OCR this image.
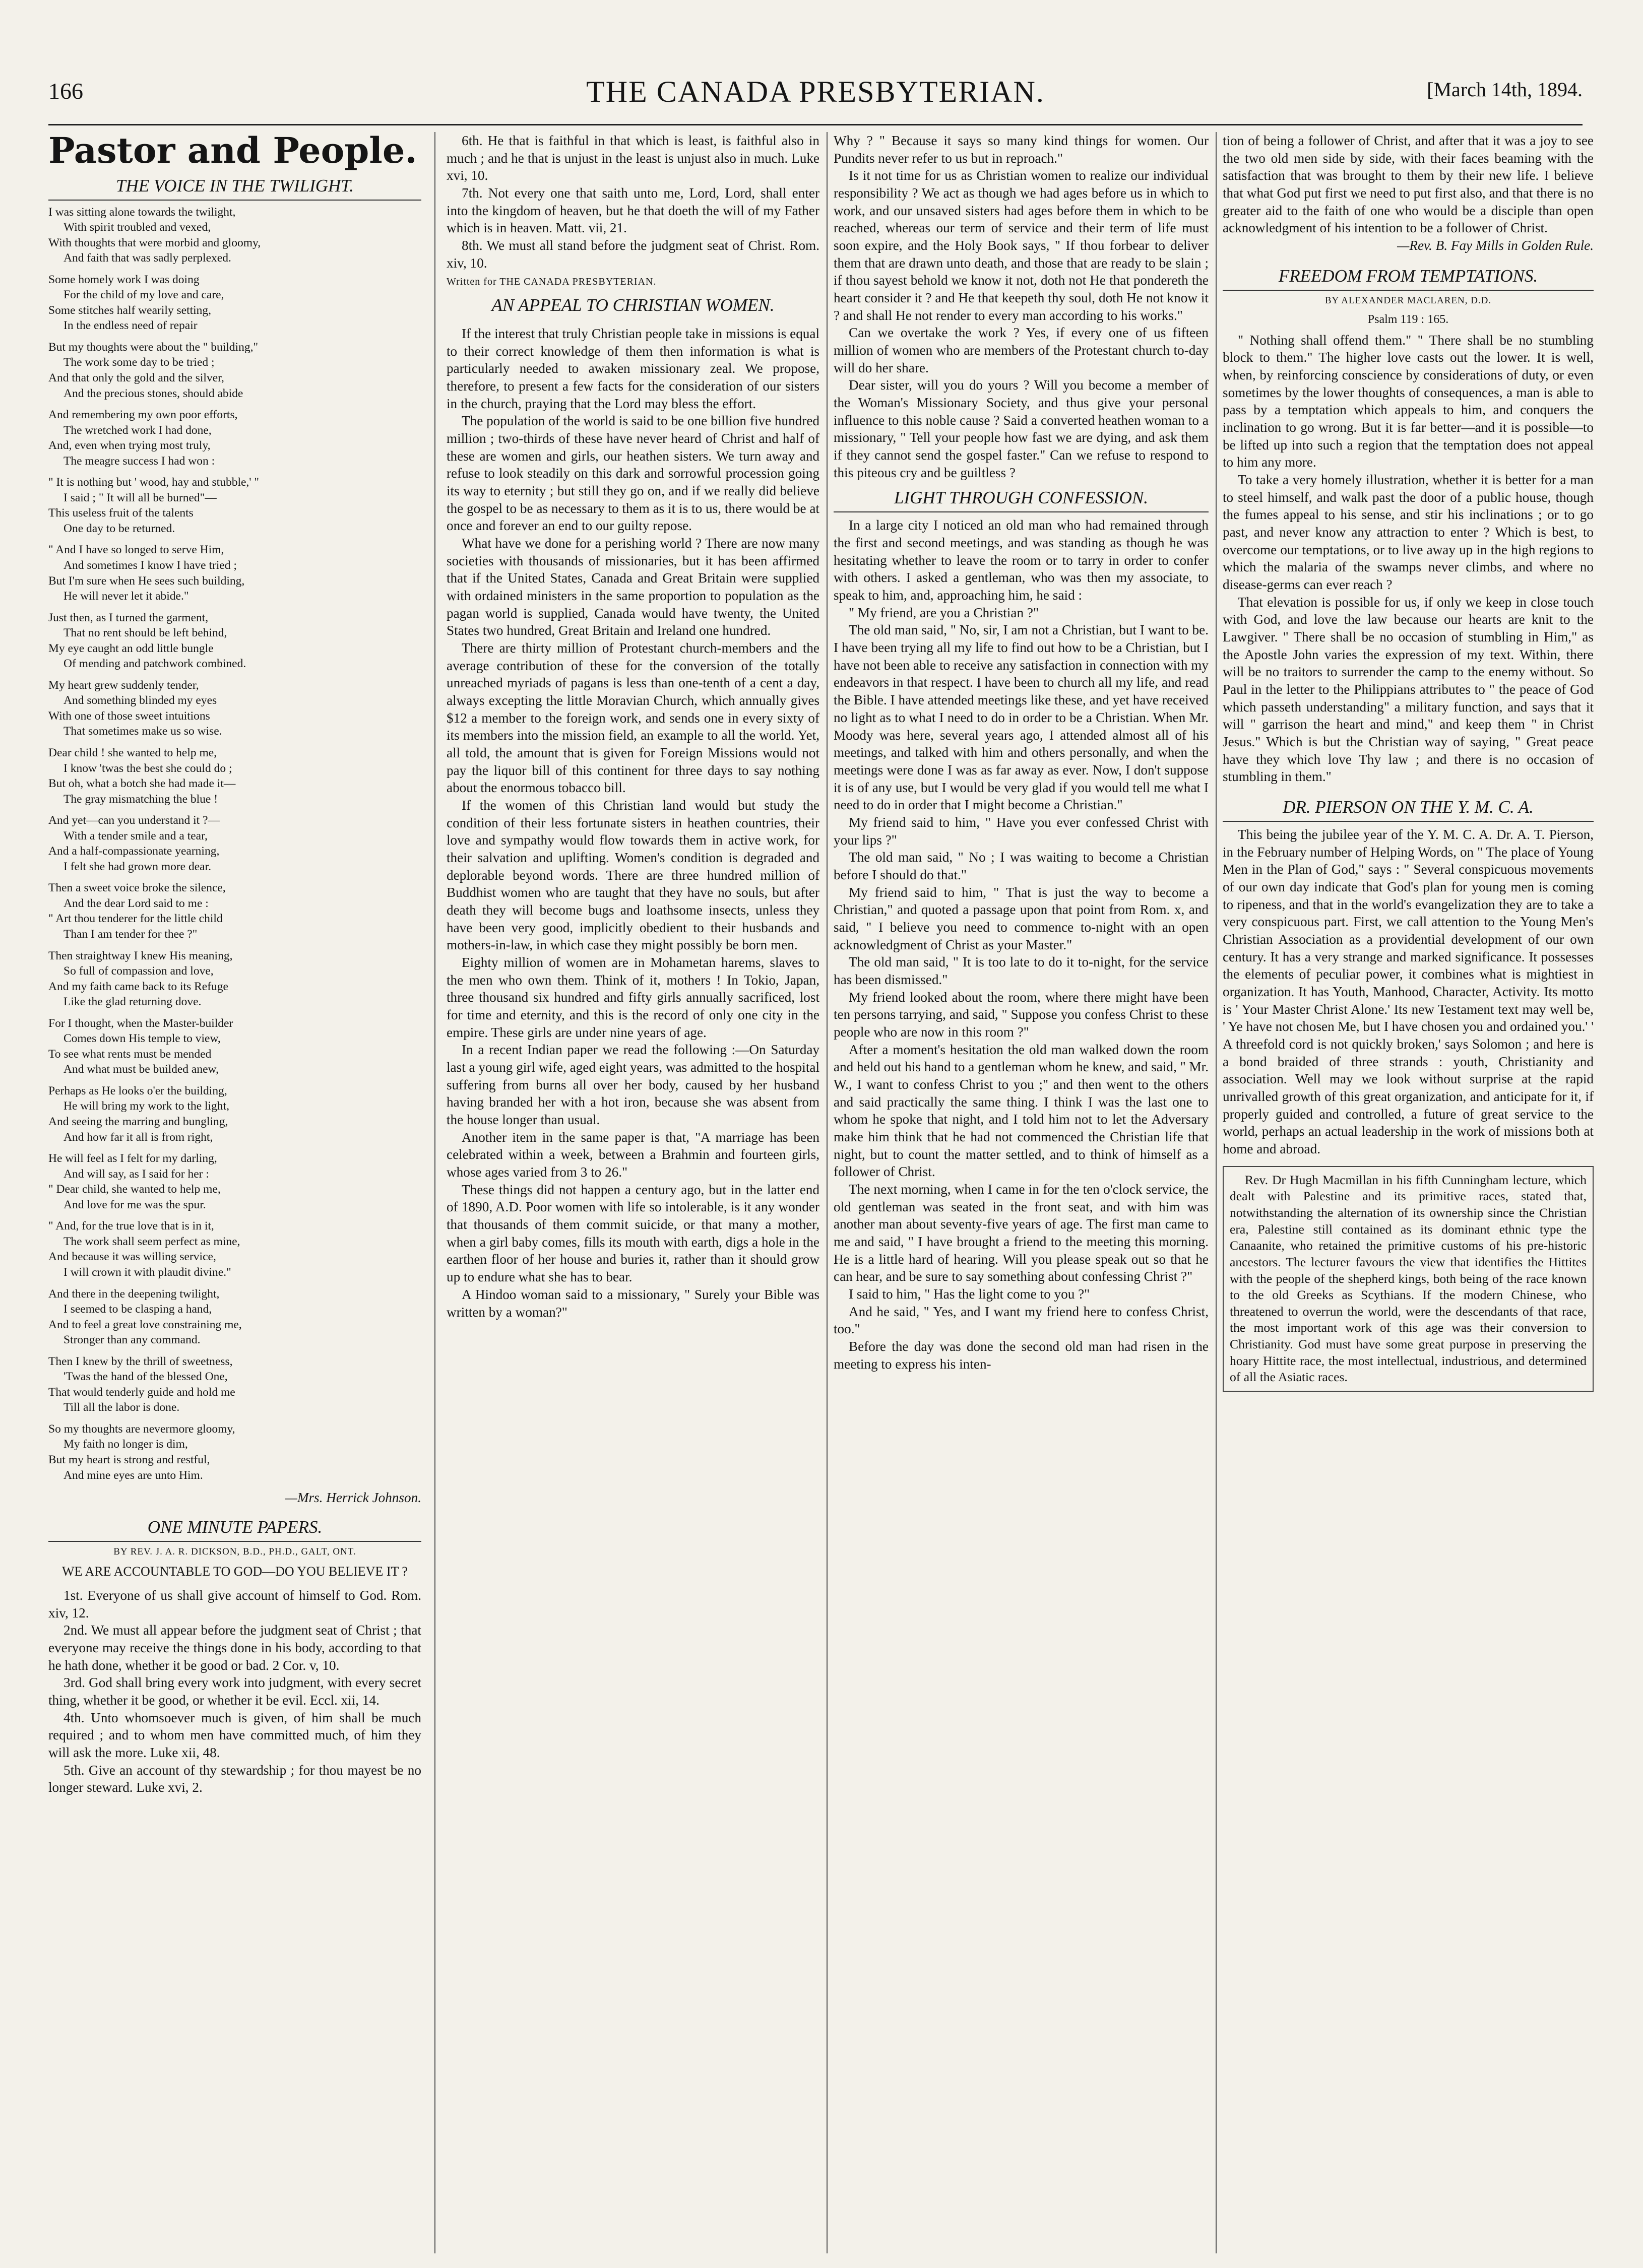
166	THE CANADA PRESBYTERIAN.	[March 14th, 1894.
Pastor and People.
THE VOICE IN THE TWILIGHT.
I was sitting alone towards the twilight,
With spirit troubled and vexed,
With thoughts that were morbid and gloomy,
And faith that was sadly perplexed.
Some homely work I was doing
For the child of my love and care,
Some stitches half wearily setting,
In the endless need of repair
But my thoughts were about the " building,"
The work some day to be tried ;
And that only the gold and the silver,
And the precious stones, should abide
And remembering my own poor efforts,
The wretched work I had done,
And, even when trying most truly,
The meagre success I had won :
" It is nothing but ' wood, hay and stubble,' "
I said ; " It will all be burned"—
This useless fruit of the talents
One day to be returned.
" And I have so longed to serve Him,
And sometimes I know I have tried ;
But I'm sure when He sees such building,
He will never let it abide."
Just then, as I turned the garment,
That no rent should be left behind,
My eye caught an odd little bungle
Of mending and patchwork combined.
My heart grew suddenly tender,
And something blinded my eyes
With one of those sweet intuitions
That sometimes make us so wise.
Dear child ! she wanted to help me,
I know 'twas the best she could do ;
But oh, what a botch she had made it—
The gray mismatching the blue !
And yet—can you understand it ?—
With a tender smile and a tear,
And a half-compassionate yearning,
I felt she had grown more dear.
Then a sweet voice broke the silence,
And the dear Lord said to me :
" Art thou tenderer for the little child
Than I am tender for thee ?"
Then straightway I knew His meaning,
So full of compassion and love,
And my faith came back to its Refuge
Like the glad returning dove.
For I thought, when the Master-builder
Comes down His temple to view,
To see what rents must be mended
And what must be builded anew,
Perhaps as He looks o'er the building,
He will bring my work to the light,
And seeing the marring and bungling,
And how far it all is from right,
He will feel as I felt for my darling,
And will say, as I said for her :
" Dear child, she wanted to help me,
And love for me was the spur.
" And, for the true love that is in it,
The work shall seem perfect as mine,
And because it was willing service,
I will crown it with plaudit divine."
And there in the deepening twilight,
I seemed to be clasping a hand,
And to feel a great love constraining me,
Stronger than any command.
Then I knew by the thrill of sweetness,
'Twas the hand of the blessed One,
That would tenderly guide and hold me
Till all the labor is done.
So my thoughts are nevermore gloomy,
My faith no longer is dim,
But my heart is strong and restful,
And mine eyes are unto Him.
—Mrs. Herrick Johnson.
ONE MINUTE PAPERS.
BY REV. J. A. R. DICKSON, B.D., PH.D., GALT, ONT.
WE ARE ACCOUNTABLE TO GOD—DO YOU BELIEVE IT ?

1st. Everyone of us shall give account of himself to God. Rom. xiv, 12.

2nd. We must all appear before the judgment seat of Christ ; that everyone may receive the things done in his body, according to that he hath done, whether it be good or bad. 2 Cor. v, 10.

3rd. God shall bring every work into judgment, with every secret thing, whether it be good, or whether it be evil. Eccl. xii, 14.

4th. Unto whomsoever much is given, of him shall be much required ; and to whom men have committed much, of him they will ask the more. Luke xii, 48.

5th. Give an account of thy stewardship ; for thou mayest be no longer steward. Luke xvi, 2.

6th. He that is faithful in that which is least, is faithful also in much ; and he that is unjust in the least is unjust also in much. Luke xvi, 10.

7th. Not every one that saith unto me, Lord, Lord, shall enter into the kingdom of heaven, but he that doeth the will of my Father which is in heaven. Matt. vii, 21.

8th. We must all stand before the judgment seat of Christ. Rom. xiv, 10.

Written for THE CANADA PRESBYTERIAN.
AN APPEAL TO CHRISTIAN WOMEN.

If the interest that truly Christian people take in missions is equal to their correct knowledge of them then information is what is particularly needed to awaken missionary zeal. We propose, therefore, to present a few facts for the consideration of our sisters in the church, praying that the Lord may bless the effort.

The population of the world is said to be one billion five hundred million ; two-thirds of these have never heard of Christ and half of these are women and girls, our heathen sisters. We turn away and refuse to look steadily on this dark and sorrowful procession going its way to eternity ; but still they go on, and if we really did believe the gospel to be as necessary to them as it is to us, there would be at once and forever an end to our guilty repose.

What have we done for a perishing world ? There are now many societies with thousands of missionaries, but it has been affirmed that if the United States, Canada and Great Britain were supplied with ordained ministers in the same proportion to population as the pagan world is supplied, Canada would have twenty, the United States two hundred, Great Britain and Ireland one hundred.

There are thirty million of Protestant church-members and the average contribution of these for the conversion of the totally unreached myriads of pagans is less than one-tenth of a cent a day, always excepting the little Moravian Church, which annually gives $12 a member to the foreign work, and sends one in every sixty of its members into the mission field, an example to all the world. Yet, all told, the amount that is given for Foreign Missions would not pay the liquor bill of this continent for three days to say nothing about the enormous tobacco bill.

If the women of this Christian land would but study the condition of their less fortunate sisters in heathen countries, their love and sympathy would flow towards them in active work, for their salvation and uplifting. Women's condition is degraded and deplorable beyond words. There are three hundred million of Buddhist women who are taught that they have no souls, but after death they will become bugs and loathsome insects, unless they have been very good, implicitly obedient to their husbands and mothers-in-law, in which case they might possibly be born men.

Eighty million of women are in Mohametan harems, slaves to the men who own them. Think of it, mothers ! In Tokio, Japan, three thousand six hundred and fifty girls annually sacrificed, lost for time and eternity, and this is the record of only one city in the empire. These girls are under nine years of age.

In a recent Indian paper we read the following :—On Saturday last a young girl wife, aged eight years, was admitted to the hospital suffering from burns all over her body, caused by her husband having branded her with a hot iron, because she was absent from the house longer than usual.

Another item in the same paper is that, "A marriage has been celebrated within a week, between a Brahmin and fourteen girls, whose ages varied from 3 to 26."

These things did not happen a century ago, but in the latter end of 1890, A.D. Poor women with life so intolerable, is it any wonder that thousands of them commit suicide, or that many a mother, when a girl baby comes, fills its mouth with earth, digs a hole in the earthen floor of her house and buries it, rather than it should grow up to endure what she has to bear.

A Hindoo woman said to a missionary, " Surely your Bible was written by a woman?"

Why ? " Because it says so many kind things for women. Our Pundits never refer to us but in reproach."

Is it not time for us as Christian women to realize our individual responsibility ? We act as though we had ages before us in which to work, and our unsaved sisters had ages before them in which to be reached, whereas our term of service and their term of life must soon expire, and the Holy Book says, " If thou forbear to deliver them that are drawn unto death, and those that are ready to be slain ; if thou sayest behold we know it not, doth not He that pondereth the heart consider it ? and He that keepeth thy soul, doth He not know it ? and shall He not render to every man according to his works."

Can we overtake the work ? Yes, if every one of us fifteen million of women who are members of the Protestant church to-day will do her share.

Dear sister, will you do yours ? Will you become a member of the Woman's Missionary Society, and thus give your personal influence to this noble cause ? Said a converted heathen woman to a missionary, " Tell your people how fast we are dying, and ask them if they cannot send the gospel faster." Can we refuse to respond to this piteous cry and be guiltless ?

LIGHT THROUGH CONFESSION.

In a large city I noticed an old man who had remained through the first and second meetings, and was standing as though he was hesitating whether to leave the room or to tarry in order to confer with others. I asked a gentleman, who was then my associate, to speak to him, and, approaching him, he said :

" My friend, are you a Christian ?"

The old man said, " No, sir, I am not a Christian, but I want to be. I have been trying all my life to find out how to be a Christian, but I have not been able to receive any satisfaction in connection with my endeavors in that respect. I have been to church all my life, and read the Bible. I have attended meetings like these, and yet have received no light as to what I need to do in order to be a Christian. When Mr. Moody was here, several years ago, I attended almost all of his meetings, and talked with him and others personally, and when the meetings were done I was as far away as ever. Now, I don't suppose it is of any use, but I would be very glad if you would tell me what I need to do in order that I might become a Christian."

My friend said to him, " Have you ever confessed Christ with your lips ?"

The old man said, " No ; I was waiting to become a Christian before I should do that."

My friend said to him, " That is just the way to become a Christian," and quoted a passage upon that point from Rom. x, and said, " I believe you need to commence to-night with an open acknowledgment of Christ as your Master."

The old man said, " It is too late to do it to-night, for the service has been dismissed."

My friend looked about the room, where there might have been ten persons tarrying, and said, " Suppose you confess Christ to these people who are now in this room ?"

After a moment's hesitation the old man walked down the room and held out his hand to a gentleman whom he knew, and said, " Mr. W., I want to confess Christ to you ;" and then went to the others and said practically the same thing. I think I was the last one to whom he spoke that night, and I told him not to let the Adversary make him think that he had not commenced the Christian life that night, but to count the matter settled, and to think of himself as a follower of Christ.

The next morning, when I came in for the ten o'clock service, the old gentleman was seated in the front seat, and with him was another man about seventy-five years of age. The first man came to me and said, " I have brought a friend to the meeting this morning. He is a little hard of hearing. Will you please speak out so that he can hear, and be sure to say something about confessing Christ ?"

I said to him, " Has the light come to you ?"

And he said, " Yes, and I want my friend here to confess Christ, too."

Before the day was done the second old man had risen in the meeting to express his inten-

tion of being a follower of Christ, and after that it was a joy to see the two old men side by side, with their faces beaming with the satisfaction that was brought to them by their new life. I believe that what God put first we need to put first also, and that there is no greater aid to the faith of one who would be a disciple than open acknowledgment of his intention to be a follower of Christ.

—Rev. B. Fay Mills in Golden Rule.
FREEDOM FROM TEMPTATIONS.
BY ALEXANDER MACLAREN, D.D.
Psalm 119 : 165.

" Nothing shall offend them." " There shall be no stumbling block to them." The higher love casts out the lower. It is well, when, by reinforcing conscience by considerations of duty, or even sometimes by the lower thoughts of consequences, a man is able to pass by a temptation which appeals to him, and conquers the inclination to go wrong. But it is far better—and it is possible—to be lifted up into such a region that the temptation does not appeal to him any more.

To take a very homely illustration, whether it is better for a man to steel himself, and walk past the door of a public house, though the fumes appeal to his sense, and stir his inclinations ; or to go past, and never know any attraction to enter ? Which is best, to overcome our temptations, or to live away up in the high regions to which the malaria of the swamps never climbs, and where no disease-germs can ever reach ?

That elevation is possible for us, if only we keep in close touch with God, and love the law because our hearts are knit to the Lawgiver. " There shall be no occasion of stumbling in Him," as the Apostle John varies the expression of my text. Within, there will be no traitors to surrender the camp to the enemy without. So Paul in the letter to the Philippians attributes to " the peace of God which passeth understanding" a military function, and says that it will " garrison the heart and mind," and keep them " in Christ Jesus." Which is but the Christian way of saying, " Great peace have they which love Thy law ; and there is no occasion of stumbling in them."

DR. PIERSON ON THE Y. M. C. A.

This being the jubilee year of the Y. M. C. A. Dr. A. T. Pierson, in the February number of Helping Words, on " The place of Young Men in the Plan of God," says : " Several conspicuous movements of our own day indicate that God's plan for young men is coming to ripeness, and that in the world's evangelization they are to take a very conspicuous part. First, we call attention to the Young Men's Christian Association as a providential development of our own century. It has a very strange and marked significance. It possesses the elements of peculiar power, it combines what is mightiest in organization. It has Youth, Manhood, Character, Activity. Its motto is ' Your Master Christ Alone.' Its new Testament text may well be, ' Ye have not chosen Me, but I have chosen you and ordained you.' ' A threefold cord is not quickly broken,' says Solomon ; and here is a bond braided of three strands : youth, Christianity and association. Well may we look without surprise at the rapid unrivalled growth of this great organization, and anticipate for it, if properly guided and controlled, a future of great service to the world, perhaps an actual leadership in the work of missions both at home and abroad.

Rev. Dr Hugh Macmillan in his fifth Cunningham lecture, which dealt with Palestine and its primitive races, stated that, notwithstanding the alternation of its ownership since the Christian era, Palestine still contained as its dominant ethnic type the Canaanite, who retained the primitive customs of his pre-historic ancestors. The lecturer favours the view that identifies the Hittites with the people of the shepherd kings, both being of the race known to the old Greeks as Scythians. If the modern Chinese, who threatened to overrun the world, were the descendants of that race, the most important work of this age was their conversion to Christianity. God must have some great purpose in preserving the hoary Hittite race, the most intellectual, industrious, and determined of all the Asiatic races.
